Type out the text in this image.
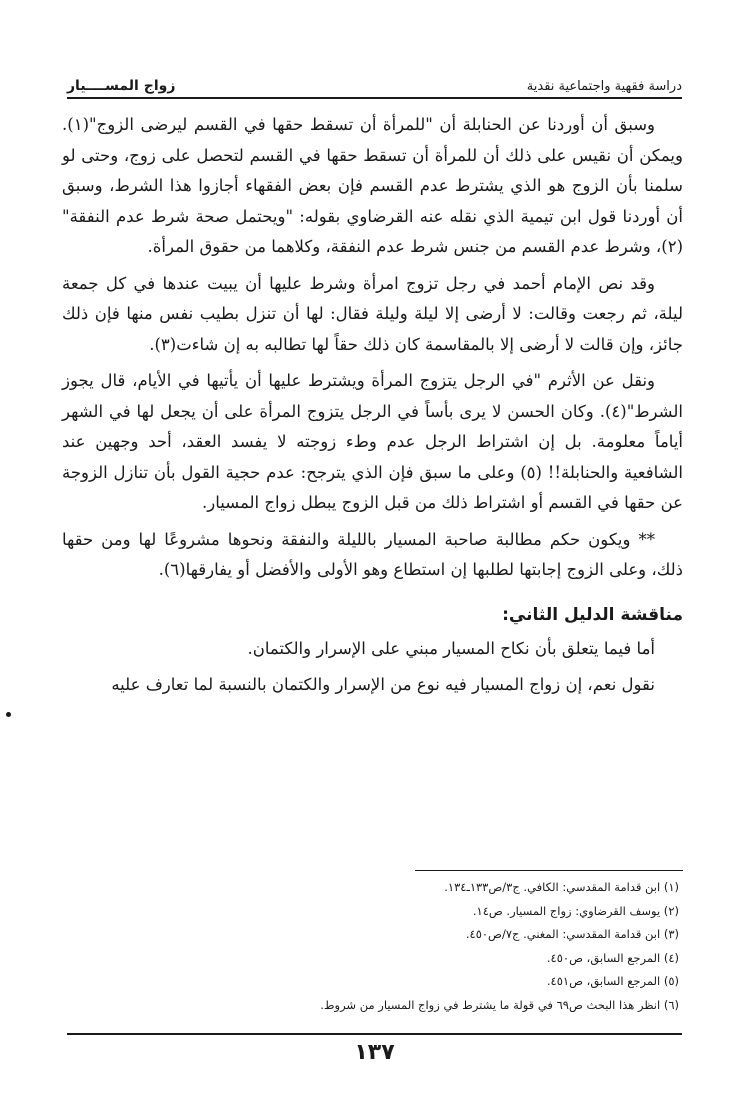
دراسة فقهية واجتماعية نقدية
زواج المســــيار

وسبق أن أوردنا عن الحنابلة أن "للمرأة أن تسقط حقها في القسم ليرضى الزوج"(١). ويمكن أن نقيس على ذلك أن للمرأة أن تسقط حقها في القسم لتحصل على زوج، وحتى لو سلمنا بأن الزوج هو الذي يشترط عدم القسم فإن بعض الفقهاء أجازوا هذا الشرط، وسبق أن أوردنا قول ابن تيمية الذي نقله عنه القرضاوي بقوله: "ويحتمل صحة شرط عدم النفقة"(٢)، وشرط عدم القسم من جنس شرط عدم النفقة، وكلاهما من حقوق المرأة.

وقد نص الإمام أحمد في رجل تزوج امرأة وشرط عليها أن يبيت عندها في كل جمعة ليلة، ثم رجعت وقالت: لا أرضى إلا ليلة وليلة فقال: لها أن تنزل بطيب نفس منها فإن ذلك جائز، وإن قالت لا أرضى إلا بالمقاسمة كان ذلك حقاً لها تطالبه به إن شاءت(٣).

ونقل عن الأثرم "في الرجل يتزوج المرأة ويشترط عليها أن يأتيها في الأيام، قال يجوز الشرط"(٤). وكان الحسن لا يرى بأساً في الرجل يتزوج المرأة على أن يجعل لها في الشهر أياماً معلومة. بل إن اشتراط الرجل عدم وطء زوجته لا يفسد العقد، أحد وجهين عند الشافعية والحنابلة!! (٥) وعلى ما سبق فإن الذي يترجح: عدم حجية القول بأن تنازل الزوجة عن حقها في القسم أو اشتراط ذلك من قبل الزوج يبطل زواج المسيار.

** ويكون حكم مطالبة صاحبة المسيار بالليلة والنفقة ونحوها مشروعًا لها ومن حقها ذلك، وعلى الزوج إجابتها لطلبها إن استطاع وهو الأولى والأفضل أو يفارقها(٦).

مناقشة الدليل الثاني:

أما فيما يتعلق بأن نكاح المسيار مبني على الإسرار والكتمان.

نقول نعم، إن زواج المسيار فيه نوع من الإسرار والكتمان بالنسبة لما تعارف عليه

(١) ابن قدامة المقدسي: الكافي. ج٣/ص١٣٣ـ١٣٤.
(٢) يوسف القرضاوي: زواج المسيار. ص١٤.
(٣) ابن قدامة المقدسي: المغني. ج٧/ص٤٥٠.
(٤) المرجع السابق، ص٤٥٠.
(٥) المرجع السابق، ص٤٥١.
(٦) انظر هذا البحث ص٦٩ في قولة ما يشترط في زواج المسيار من شروط.
١٣٧
